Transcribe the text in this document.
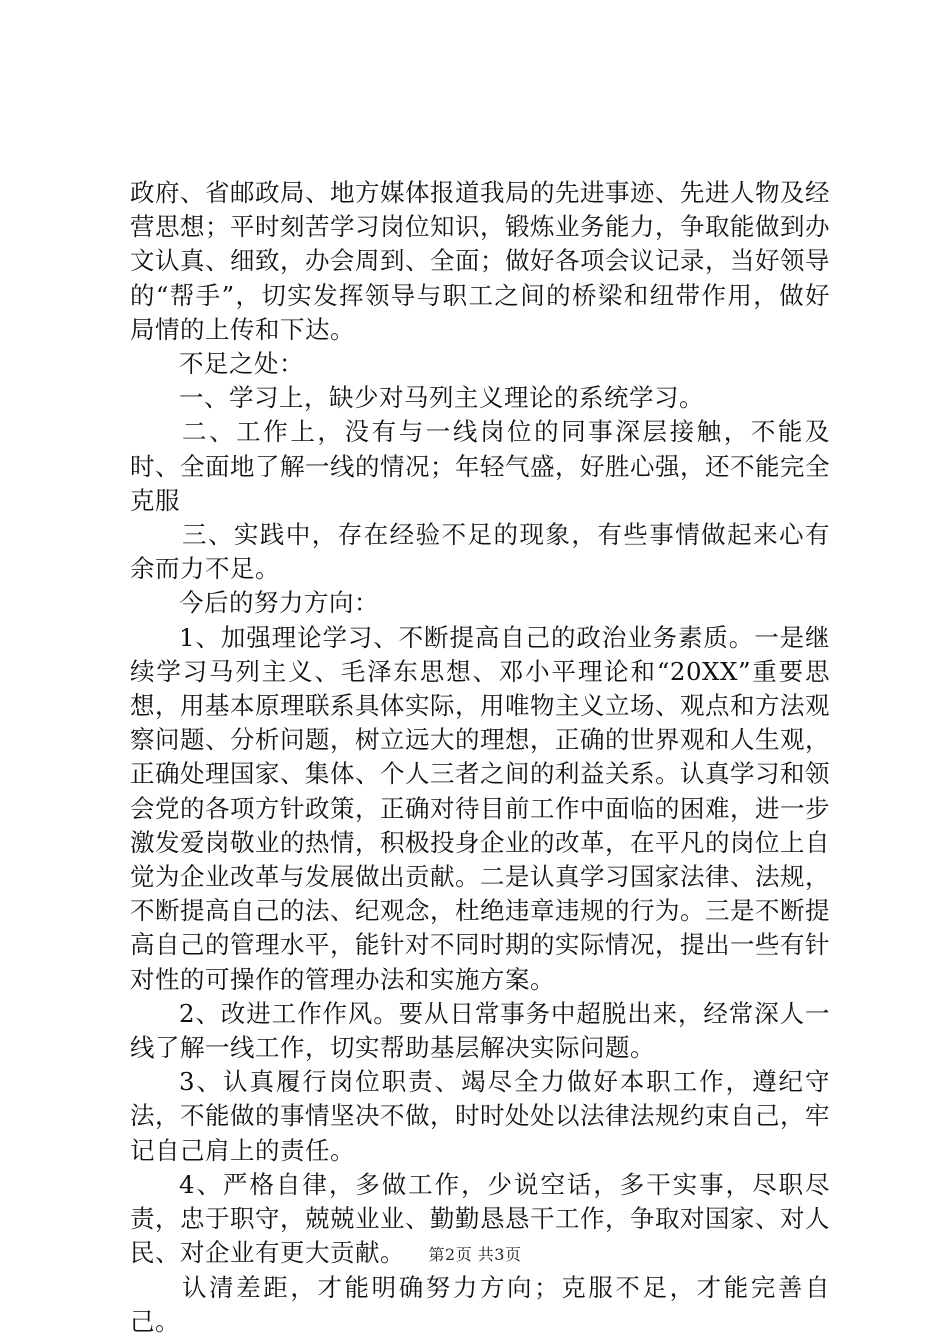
政府、省邮政局、地方媒体报道我局的先进事迹、先进人物及经营思想；平时刻苦学习岗位知识，锻炼业务能力，争取能做到办文认真、细致，办会周到、全面；做好各项会议记录，当好领导的“帮手”，切实发挥领导与职工之间的桥梁和纽带作用，做好局情的上传和下达。

不足之处：

一、学习上，缺少对马列主义理论的系统学习。

二、工作上，没有与一线岗位的同事深层接触，不能及时、全面地了解一线的情况；年轻气盛，好胜心强，还不能完全克服

三、实践中，存在经验不足的现象，有些事情做起来心有余而力不足。

今后的努力方向：

1、加强理论学习、不断提高自己的政治业务素质。一是继续学习马列主义、毛泽东思想、邓小平理论和“20XX”重要思想，用基本原理联系具体实际，用唯物主义立场、观点和方法观察问题、分析问题，树立远大的理想，正确的世界观和人生观，正确处理国家、集体、个人三者之间的利益关系。认真学习和领会党的各项方针政策，正确对待目前工作中面临的困难，进一步激发爱岗敬业的热情，积极投身企业的改革，在平凡的岗位上自觉为企业改革与发展做出贡献。二是认真学习国家法律、法规，不断提高自己的法、纪观念，杜绝违章违规的行为。三是不断提高自己的管理水平，能针对不同时期的实际情况，提出一些有针对性的可操作的管理办法和实施方案。

2、改进工作作风。要从日常事务中超脱出来，经常深人一线了解一线工作，切实帮助基层解决实际问题。

3、认真履行岗位职责、竭尽全力做好本职工作，遵纪守法，不能做的事情坚决不做，时时处处以法律法规约束自己，牢记自己肩上的责任。

4、严格自律，多做工作，少说空话，多干实事，尽职尽责，忠于职守，兢兢业业、勤勤恳恳干工作，争取对国家、对人民、对企业有更大贡献。

认清差距，才能明确努力方向；克服不足，才能完善自己。

第2页 共3页
